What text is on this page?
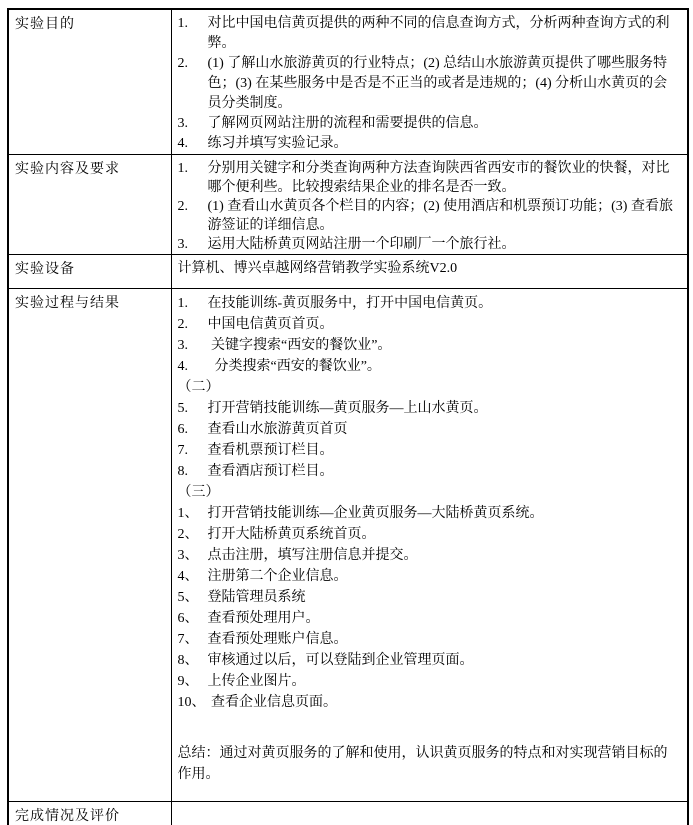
实验目的	1.	对比中国电信黄页提供的两种不同的信息查询方式，分析两种查询方式的利弊。
2.	(1) 了解山水旅游黄页的行业特点；(2) 总结山水旅游黄页提供了哪些服务特色；(3) 在某些服务中是否是不正当的或者是违规的；(4) 分析山水黄页的会员分类制度。
3.	了解网页网站注册的流程和需要提供的信息。
4.	练习并填写实验记录。

实验内容及要求	1.	分别用关键字和分类查询两种方法查询陕西省西安市的餐饮业的快餐，对比哪个便利些。比较搜索结果企业的排名是否一致。
2.	(1) 查看山水黄页各个栏目的内容；(2) 使用酒店和机票预订功能；(3) 查看旅游签证的详细信息。
3.	运用大陆桥黄页网站注册一个印刷厂一个旅行社。

实验设备	计算机、博兴卓越网络营销教学实验系统V2.0

实验过程与结果	1.	在技能训练-黄页服务中，打开中国电信黄页。
2.	中国电信黄页首页。
3.	关键字搜索“西安的餐饮业”。
4.	分类搜索“西安的餐饮业”。
（二）
5.	打开营销技能训练—黄页服务—上山水黄页。
6.	查看山水旅游黄页首页
7.	查看机票预订栏目。
8.	查看酒店预订栏目。
（三）
1、 打开营销技能训练—企业黄页服务—大陆桥黄页系统。
2、 打开大陆桥黄页系统首页。
3、 点击注册，填写注册信息并提交。
4、 注册第二个企业信息。
5、 登陆管理员系统
6、 查看预处理用户。
7、 查看预处理账户信息。
8、 审核通过以后，可以登陆到企业管理页面。
9、 上传企业图片。
10、 查看企业信息页面。
总结：通过对黄页服务的了解和使用，认识黄页服务的特点和对实现营销目标的作用。

完成情况及评价	
